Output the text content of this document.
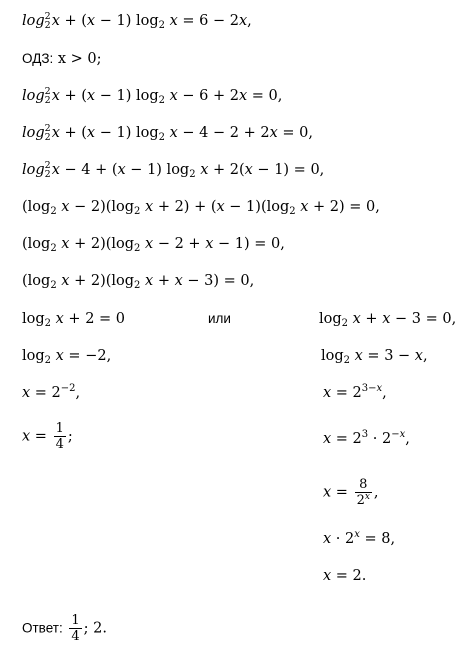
log 2
2 x + (x − 1) $\log_2 x = 6 - 2x$,
ОДЗ: x > 0;
log 2
2 x + (x − 1) $\log_2 x - 6 + 2x = 0$,
log 2
2 x + (x − 1) $\log_2 x - 4 - 2 + 2x = 0$,
log 2
2 x − 4 + (x − 1) $\log_2 x + 2(x - 1) = 0$,
($\log_2$ $x - 2)(\log_2$ $x + 2) + (x - 1)(\log_2$ x + 2) = 0,
($\log_2$ $x + 2)(\log_2$ x − 2 + x − 1) = 0,
($\log_2$ $x + 2)(\log_2$ x + x − 3) = 0,
$\log_2 x + 2 = 0$	или	$\log_2 x + x - 3 = 0$,
$\log_2 x = -2$,	$\log_2 x = 3 - x$,
$x = 2^{-2}$,	$x = 2^{3-x}$,
$x = \frac{1}{4}$ ;	$x = 2^3 \cdot 2^{-x}$,
$x = \frac{8}{2^x}$ ,
$x \cdot 2^x = 8$,
x = 2.
Ответ: $\frac{1}{4}$ ; 2.
